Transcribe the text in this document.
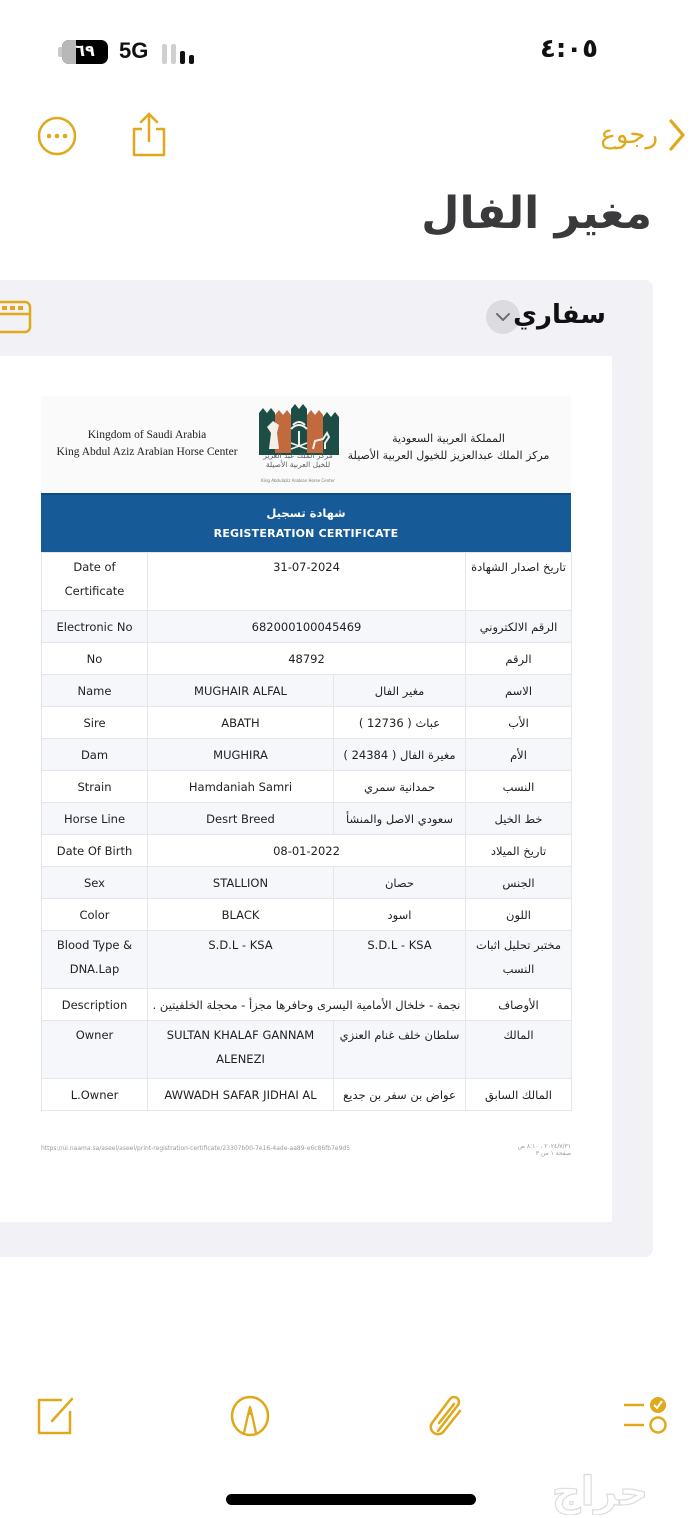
٦٩	5G	٤:٠٥
رجوع
مغير الفال
سفاري
Kingdom of Saudi Arabia
King Abdul Aziz Arabian Horse Center	مركز الملك عبد العزيز
للخيل العربية الأصيلة
King Abdulaziz Arabian Horse Center
المملكة العربية السعودية
مركز الملك عبدالعزيز للخيول العربية الأصيلة
شهادة تسجيل
REGISTERATION CERTIFICATE
Date of Certificate	31-07-2024		تاريخ اصدار الشهادة
Electronic No	682000100045469		الرقم الالكتروني
No	48792		الرقم
Name	MUGHAIR ALFAL	مغير الفال	الاسم
Sire	ABATH	عباث ( 12736 )	الأب
Dam	MUGHIRA	مغيرة الفال ( 24384 )	الأم
Strain	Hamdaniah Samri	حمدانية سمري	النسب
Horse Line	Desrt Breed	سعودي الاصل والمنشأ	خط الخيل
Date Of Birth	08-01-2022		تاريخ الميلاد
Sex	STALLION	حصان	الجنس
Color	BLACK	اسود	اللون
Blood Type & DNA.Lap	S.D.L - KSA	S.D.L - KSA	مختبر تحليل اثبات النسب
Description	نجمة - خلخال الأمامية اليسرى وحافرها مجزأ - محجلة الخلفيتين .		الأوصاف
Owner	SULTAN KHALAF GANNAM ALENEZI	سلطان خلف غنام العنزي	المالك
L.Owner	AWWADH SAFAR JIDHAI AL	عواض بن سفر بن جديع	المالك السابق
https://ui.naama.sa/aseel/aseel/print-registration-certificate/23307b00-7e16-4ade-aa89-e6c86fb7e9d5	٢٠٢٤/٧/٣١ ، ٨:١٠ ص
صفحة ١ من ٣
حراج
